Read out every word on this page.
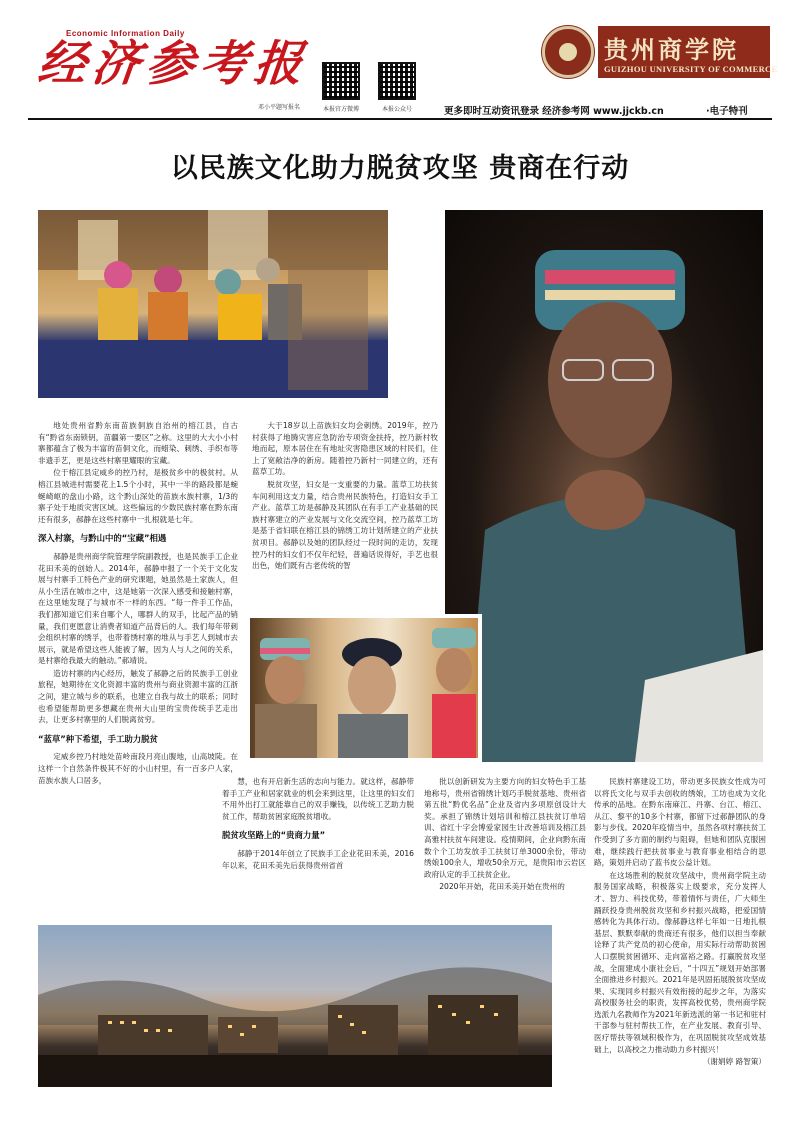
Economic Information Daily
经济参考报
邓小平题写报名	本报官方微博	本报公众号
贵州商学院
GUIZHOU UNIVERSITY OF COMMERCE
更多即时互动资讯登录 经济参考网 www.jjckb.cn	·电子特刊
以民族文化助力脱贫攻坚 贵商在行动

地处贵州省黔东南苗族侗族自治州的榕江县，自古有“黔省东南锁钥，苗疆第一要区”之称。这里的大大小小村寨都蕴含了极为丰富的苗侗文化，而蜡染、刺绣、手织布等非遗手艺，更是这些村寨里耀眼的宝藏。

位于榕江县定威乡的控乃村，是极贫乡中的极贫村。从榕江县城进村需要花上1.5个小时，其中一半的路段都是蜿蜒崎岖的盘山小路，这个黔山深处的苗族水族村寨，1/3的寨子处于地质灾害区域。这些偏远的少数民族村寨在黔东南还有很多，郝静在这些村寨中一扎根就是七年。

深入村寨，与黔山中的“宝藏”相遇

郝静是贵州商学院管理学院副教授，也是民族手工企业花田禾美的创始人。2014年，郝静申报了一个关于文化发展与村寨手工特色产业的研究课题，她虽然是土家族人，但从小生活在城市之中，这是她第一次深入感受和接触村寨，在这里她发现了与城市不一样的东西。“每一件手工作品，我们都知道它们来自哪个人，哪群人的双手，比起产品的销量，我们更愿意让消费者知道产品背后的人。我们每年带刺会组织村寨的绣孚，也带着绣村寨的堆从与手艺人到城市去展示，就是希望这些人能被了解，因为人与人之间的关系，是村寨给我最大的触动。”郝靖说。

造访村寨的内心经历，触发了郝静之后的民族手工创业旅程，她期待在文化资源丰富的贵州与商业资源丰富的江浙之间，建立城与乡的联系，也建立自我与故土的联系；同时也希望能帮助更多想藏在贵州大山里的宝贵传统手艺走出去，让更多村寨里的人们脱离贫穷。

“蓝草”种下希望，手工助力脱贫

定威乡控乃村地处苗岭南段月亮山腹地，山高坡陡。在这样一个自然条件极其不好的小山村里，有一百多户人家，苗族水族人口居多，

大于18岁以上苗族妇女均会刺绣。2019年，控乃村获得了地腾灾害应急防治专项资金扶持，控乃新村牧地而起，原本居住在有地址灾害隐患区域的村民们，住上了宽敞洁净的新房。随着控乃新村一同建立的，还有蓝草工坊。

脱贫攻坚，妇女是一支重要的力量。蓝草工坊扶贫车间利用这支力量，结合贵州民族特色，打造妇女手工产业。蓝草工坊是郝静及其团队在有手工产业基础的民族村寨建立的产业发展与文化交流空间，控乃蓝草工坊是基于省妇联在榕江县的锦绣工坊计划所建立的产业扶贫项目。郝静以及她的团队经过一段时间的走访，发现控乃村的妇女们不仅年纪轻，普遍话说得好，手艺也很出色，她们既有古老传统的智

慧，也有开启新生活的志向与能力。就这样，郝静带着手工产业和居家就业的机会来到这里，让这里的妇女们不用外出打工就能靠自己的双手赚钱，以传统工艺助力脱贫工作，帮助贫困家庭脱贫增收。

脱贫攻坚路上的“贵商力量”

郝静于2014年创立了民族手工企业花田禾美，2016年以来，花田禾美先后获得贵州省首

批以创新研发为主要方向的妇女特色手工基地称号，贵州省锦绣计划巧手脱贫基地、贵州省第五批“黔优名品”企业及省内多项原创设计大奖。承担了锦绣计划培训和榕江县扶贫订单培训、省红十字会博爱家园生计改善培训及榕江县高雅村扶贫车间建设。疫情期间，企业向黔东南数个个工坊发放手工扶贫订单3000余份，带动绣娘100余人，增收50余万元，是贵阳市云岩区政府认定的手工扶贫企业。

2020年开始，花田禾美开始在贵州的

民族村寨建设工坊，带动更多民族女性成为可以将氏文化与双手去创收的绣娘，工坊也成为文化传承的品地。在黔东南麻江、丹寨、台江、榕江、从江、黎平的10多个村寨，都留下过郝静团队的身影与步伐。2020年疫情当中，虽然各项村寨扶贫工作受到了多方面的制约与阻碍，但她和团队克服困难，继续践行把扶贫事业与教育事业相结合的思路，策划并启动了蓝书皮公益计划。

在这场胜利的脱贫攻坚战中，贵州商学院主动服务国家战略，积极落实上级要求，充分发挥人才、智力、科技优势，带着情怀与责任，广大师生踊跃投身贵州脱贫攻坚和乡村振兴战略，把爱国情感转化为具体行动。像郝静这样七年如一日地扎根基层、默默奉献的贵商还有很多，他们以担当奉献诠释了共产党员的初心使命，用实际行动帮助贫困人口摆脱贫困循环、走向富裕之路。打赢脱贫攻坚战，全面建成小康社会后，“十四五”规划开始部署全面推进乡村振兴。2021年是巩固拓展脱贫攻坚成果、实现同乡村振兴有效衔接的起步之年，为落实高校服务社会的职责，发挥高校优势，贵州商学院选派九名教师作为2021年新选派的第一书记和驻村干部参与驻村帮扶工作，在产业发展、教育引导、医疗帮扶等领域积极作为，在巩固脱贫攻坚成效基础上，以高校之力推动助力乡村振兴！

（谢娟婷 路智策）
